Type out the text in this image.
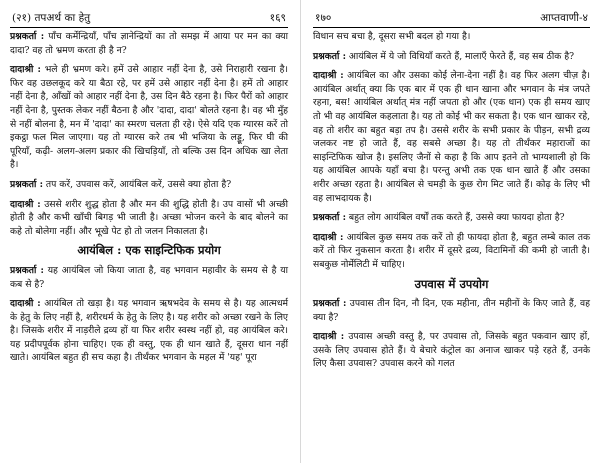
(२१) तपअर्थ का हेतु	१६९

प्रश्नकर्ता : पाँच कर्मेन्द्रियाँ, पाँच ज्ञानेन्द्रियों का तो समझ में आया पर मन का क्या दादा? वह तो भ्रमण करता ही है न?

दादाश्री : भले ही भ्रमण करे। हमें उसे आहार नहीं देना है, उसे निराहारी रखना है। फिर वह उछलकूद करे या बैठा रहे, पर हमें उसे आहार नहीं देना है। हमें तो आहार नहीं देना है, आँखों को आहार नहीं देना है, उस दिन बैठे रहना है। फिर पैरों को आहार नहीं देना है, पुस्तक लेकर नहीं बैठना है और 'दादा, दादा' बोलते रहना है। वह भी मुँह से नहीं बोलना है, मन में 'दादा' का स्मरण चलता ही रहे। ऐसे यदि एक ग्यारस करें तो इकट्ठा फल मिल जाएगा। यह तो ग्यारस करे तब भी भजिया के लड्डू, फिर घी की पूरियाँ, कढ़ी- अलग-अलग प्रकार की खिचड़ियाँ, तो बल्कि उस दिन अधिक खा लेता है।

प्रश्नकर्ता : तप करें, उपवास करें, आयंबिल करें, उससे क्या होता है?

दादाश्री : उससे शरीर शुद्ध होता है और मन की शुद्धि होती है। उप वासों भी अच्छी होती है और कभी खाँची बिगड़ भी जाती है। अच्छा भोजन करने के बाद बोलने का कहे तो बोलेगा नहीं। और भूखे पेट हो तो जलन निकालता है।

आयंबिल : एक साइन्टिफिक प्रयोग

प्रश्नकर्ता : यह आयंबिल जो किया जाता है, वह भगवान महावीर के समय से है या कब से है?

दादाश्री : आयंबिल तो खड़ा है। यह भगवान ऋषभदेव के समय से है। यह आत्मधर्म के हेतु के लिए नहीं है, शरीरधर्म के हेतु के लिए है। यह शरीर को अच्छा रखने के लिए है। जिसके शरीर में नाड़रीले द्रव्य हों या फिर शरीर स्वस्थ नहीं हो, वह आयंबिल करे। यह प्रदीपपूर्वक होना चाहिए। एक ही वस्तु, एक ही धान खाते हैं, दूसरा धान नहीं खाते। आयंबिल बहुत ही सच कहा है। तीर्थंकर भगवान के महल में 'यह' पूरा

१७०	आप्तवाणी-४

विधान सच बचा है, दूसरा सभी बदल हो गया है।

प्रश्नकर्ता : आयंबिल में ये जो विधियाँ करते हैं, मालाएँ फेरते हैं, वह सब ठीक है?

दादाश्री : आयंबिल का और उसका कोई लेना-देना नहीं है। वह फिर अलग चीज़ है। आयंबिल अर्थात् क्या कि एक बार में एक ही धान खाना और भगवान के मंत्र जपते रहना, बस! आयंबिल अर्थात् मंत्र नहीं जपता हो और (एक धान) एक ही समय खाए तो भी वह आयंबिल कहलाता है। यह तो कोई भी कर सकता है। एक धान खाकर रहे, वह तो शरीर का बहुत बड़ा तप है। उससे शरीर के सभी प्रकार के पीड़न, सभी द्रव्य जलकर नष्ट हो जाते हैं, वह सबसे अच्छा है। यह तो तीर्थंकर महाराजों का साइन्टिफिक खोज है। इसलिए जैनों से कहा है कि आप इतने तो भाग्यशाली हो कि यह आयंबिल आपके यहाँ बचा है। परन्तु अभी तक एक धान खाते हैं और उसका शरीर अच्छा रहता है। आयंबिल से चमड़ी के कुछ रोग मिट जाते हैं। कोढ़ के लिए भी वह लाभदायक है।

प्रश्नकर्ता : बहुत लोग आयंबिल वर्षों तक करते हैं, उससे क्या फायदा होता है?

दादाश्री : आयंबिल कुछ समय तक करें तो ही फायदा होता है, बहुत लम्बे काल तक करें तो फिर नुकसान करता है। शरीर में दूसरे द्रव्य, विटामिनों की कमी हो जाती है। सबकुछ नोर्मेलिटी में चाहिए।

उपवास में उपयोग

प्रश्नकर्ता : उपवास तीन दिन, नौ दिन, एक महीना, तीन महीनों के किए जाते हैं, वह क्या है?

दादाश्री : उपवास अच्छी वस्तु है, पर उपवास तो, जिसके बहुत पकवान खाए हों, उसके लिए उपवास होते हैं। ये बेचारे कंट्रोल का अनाज खाकर पड़े रहते हैं, उनके लिए कैसा उपवास? उपवास करने को गलत
